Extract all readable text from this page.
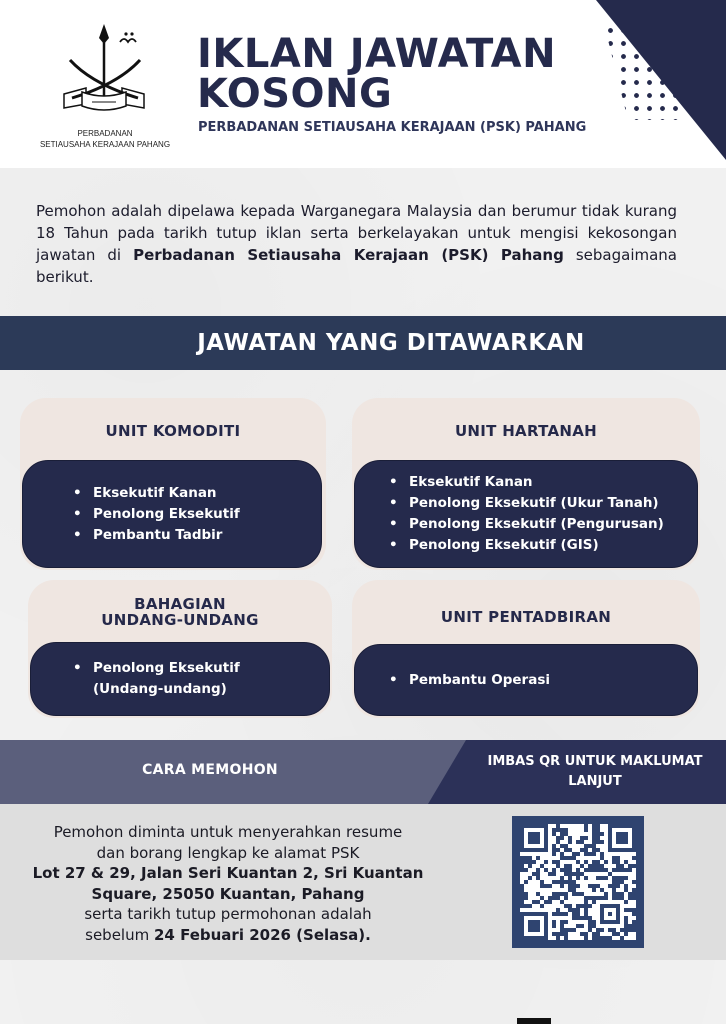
PERBADANAN
SETIAUSAHA KERAJAAN PAHANG
IKLAN JAWATAN
KOSONG
PERBADANAN SETIAUSAHA KERAJAAN (PSK) PAHANG

Pemohon adalah dipelawa kepada Warganegara Malaysia dan berumur tidak kurang 18 Tahun pada tarikh tutup iklan serta berkelayakan untuk mengisi kekosongan jawatan di Perbadanan Setiausaha Kerajaan (PSK) Pahang sebagaimana berikut.

JAWATAN YANG DITAWARKAN
UNIT KOMODITI
• Eksekutif Kanan
• Penolong Eksekutif
• Pembantu Tadbir
UNIT HARTANAH
• Eksekutif Kanan
• Penolong Eksekutif (Ukur Tanah)
• Penolong Eksekutif (Pengurusan)
• Penolong Eksekutif (GIS)
BAHAGIAN
UNDANG-UNDANG
• Penolong Eksekutif
(Undang-undang)
UNIT PENTADBIRAN
• Pembantu Operasi
CARA MEMOHON
IMBAS QR UNTUK MAKLUMAT
LANJUT
Pemohon diminta untuk menyerahkan resume
dan borang lengkap ke alamat PSK
Lot 27 & 29, Jalan Seri Kuantan 2, Sri Kuantan Square, 25050 Kuantan, Pahang
serta tarikh tutup permohonan adalah
sebelum 24 Febuari 2026 (Selasa).
